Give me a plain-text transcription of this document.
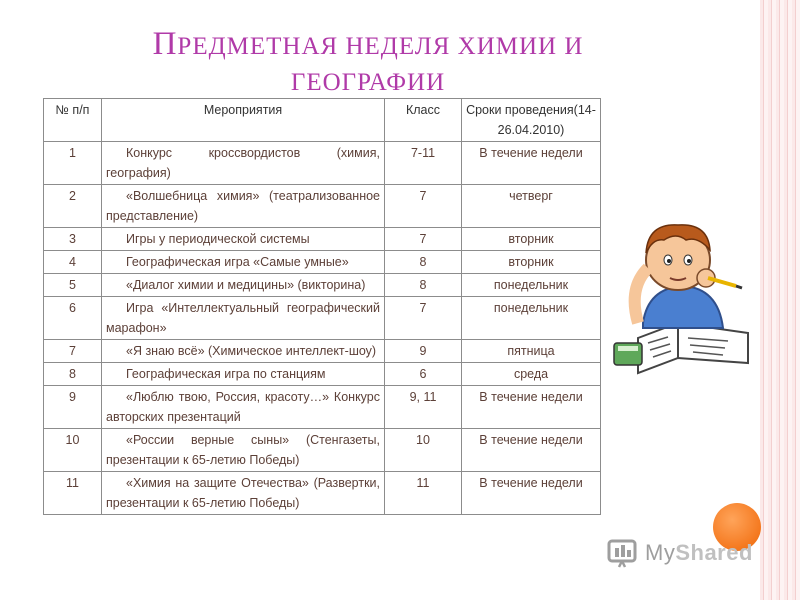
ПРЕДМЕТНАЯ НЕДЕЛЯ ХИМИИ И
ГЕОГРАФИИ
№ п/п	Мероприятия	Класс	Сроки проведения(14-26.04.2010)
1	Конкурс кроссвордистов (химия, география)	7-11	В течение недели
2	«Волшебница химия» (театрализованное представление)	7	четверг
3	Игры у периодической системы	7	вторник
4	Географическая игра «Самые умные»	8	вторник
5	«Диалог химии и медицины» (викторина)	8	понедельник
6	Игра «Интеллектуальный географический марафон»	7	понедельник
7	«Я знаю всё» (Химическое интеллект-шоу)	9	пятница
8	Географическая игра по станциям	6	среда
9	«Люблю твою, Россия, красоту…» Конкурс авторских презентаций	9, 11	В течение недели
10	«России верные сыны» (Стенгазеты, презентации к 65-летию Победы)	10	В течение недели
11	«Химия на защите Отечества» (Развертки, презентации к 65-летию Победы)	11	В течение недели
MyShared
